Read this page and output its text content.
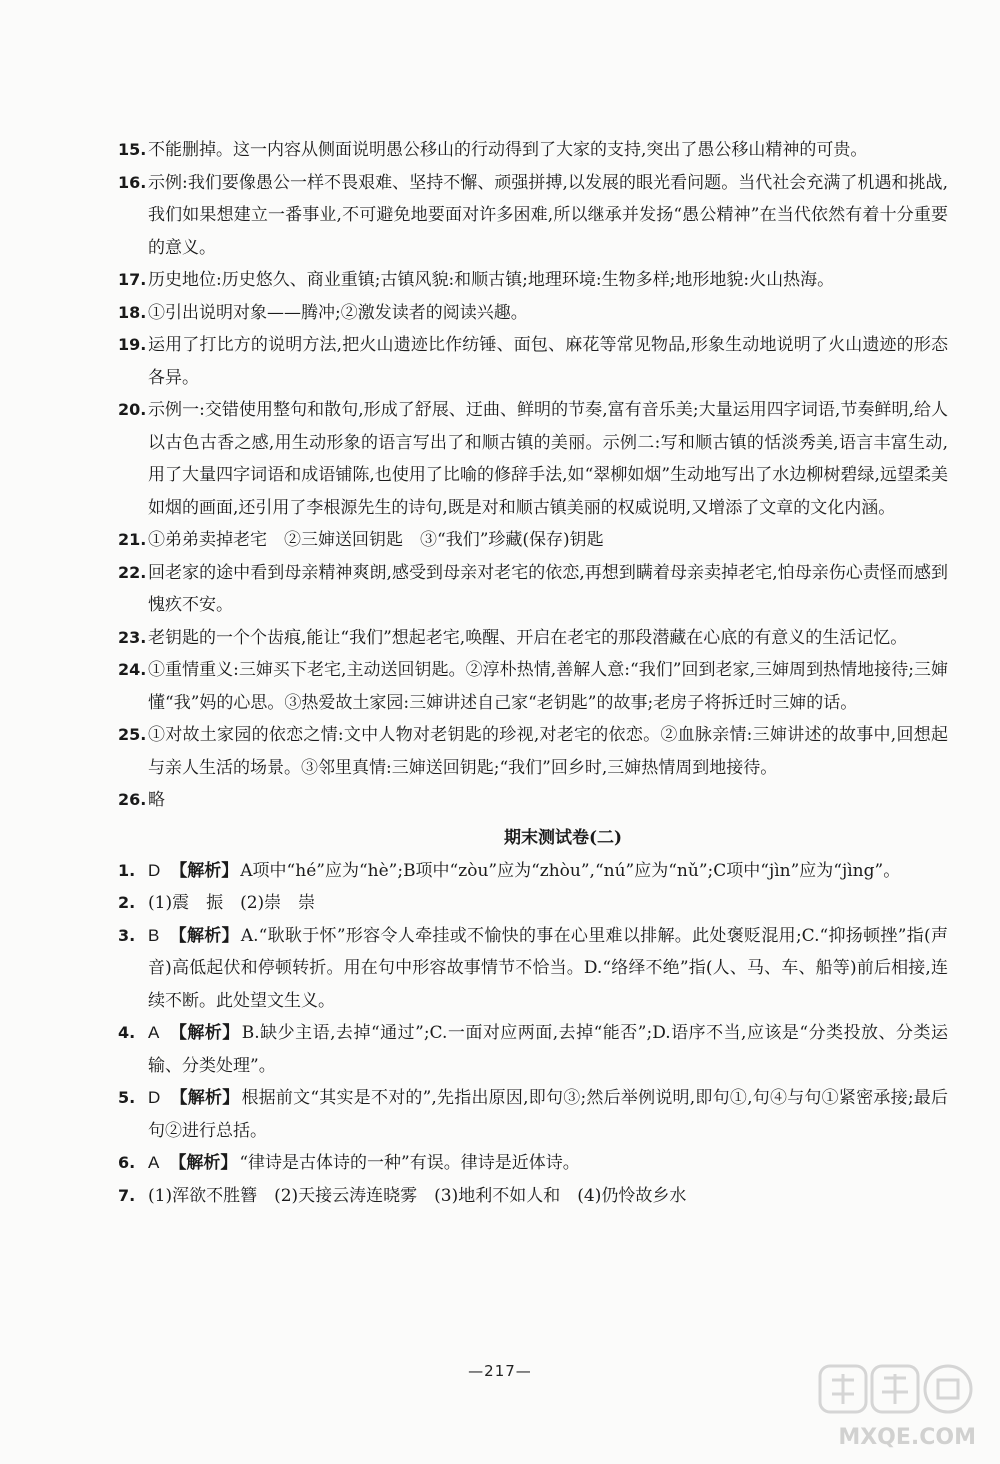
15. 不能删掉。这一内容从侧面说明愚公移山的行动得到了大家的支持,突出了愚公移山精神的可贵。
16. 示例:我们要像愚公一样不畏艰难、坚持不懈、顽强拼搏,以发展的眼光看问题。当代社会充满了机遇和挑战,我们如果想建立一番事业,不可避免地要面对许多困难,所以继承并发扬“愚公精神”在当代依然有着十分重要的意义。
17. 历史地位:历史悠久、商业重镇;古镇风貌:和顺古镇;地理环境:生物多样;地形地貌:火山热海。
18. ①引出说明对象——腾冲;②激发读者的阅读兴趣。
19. 运用了打比方的说明方法,把火山遗迹比作纺锤、面包、麻花等常见物品,形象生动地说明了火山遗迹的形态各异。
20. 示例一:交错使用整句和散句,形成了舒展、迂曲、鲜明的节奏,富有音乐美;大量运用四字词语,节奏鲜明,给人以古色古香之感,用生动形象的语言写出了和顺古镇的美丽。示例二:写和顺古镇的恬淡秀美,语言丰富生动,用了大量四字词语和成语铺陈,也使用了比喻的修辞手法,如“翠柳如烟”生动地写出了水边柳树碧绿,远望柔美如烟的画面,还引用了李根源先生的诗句,既是对和顺古镇美丽的权威说明,又增添了文章的文化内涵。
21. ①弟弟卖掉老宅　②三婶送回钥匙　③“我们”珍藏(保存)钥匙
22. 回老家的途中看到母亲精神爽朗,感受到母亲对老宅的依恋,再想到瞒着母亲卖掉老宅,怕母亲伤心责怪而感到愧疚不安。
23. 老钥匙的一个个齿痕,能让“我们”想起老宅,唤醒、开启在老宅的那段潜藏在心底的有意义的生活记忆。
24. ①重情重义:三婶买下老宅,主动送回钥匙。②淳朴热情,善解人意:“我们”回到老家,三婶周到热情地接待;三婶懂“我”妈的心思。③热爱故土家园:三婶讲述自己家“老钥匙”的故事;老房子将拆迁时三婶的话。
25. ①对故土家园的依恋之情:文中人物对老钥匙的珍视,对老宅的依恋。②血脉亲情:三婶讲述的故事中,回想起与亲人生活的场景。③邻里真情:三婶送回钥匙;“我们”回乡时,三婶热情周到地接待。
26. 略
期末测试卷(二)
1. D 【解析】 A项中“hé”应为“hè”;B项中“zòu”应为“zhòu”,“nú”应为“nǔ”;C项中“jìn”应为“jìng”。
2. (1)震　振　(2)崇　崇
3. B 【解析】 A.“耿耿于怀”形容令人牵挂或不愉快的事在心里难以排解。此处褒贬混用;C.“抑扬顿挫”指(声音)高低起伏和停顿转折。用在句中形容故事情节不恰当。D.“络绎不绝”指(人、马、车、船等)前后相接,连续不断。此处望文生义。
4. A 【解析】 B.缺少主语,去掉“通过”;C.一面对应两面,去掉“能否”;D.语序不当,应该是“分类投放、分类运输、分类处理”。
5. D 【解析】 根据前文“其实是不对的”,先指出原因,即句③;然后举例说明,即句①,句④与句①紧密承接;最后句②进行总括。
6. A 【解析】 “律诗是古体诗的一种”有误。律诗是近体诗。
7. (1)浑欲不胜簪　(2)天接云涛连晓雾　(3)地利不如人和　(4)仍怜故乡水
—217—
MXQE.COM
